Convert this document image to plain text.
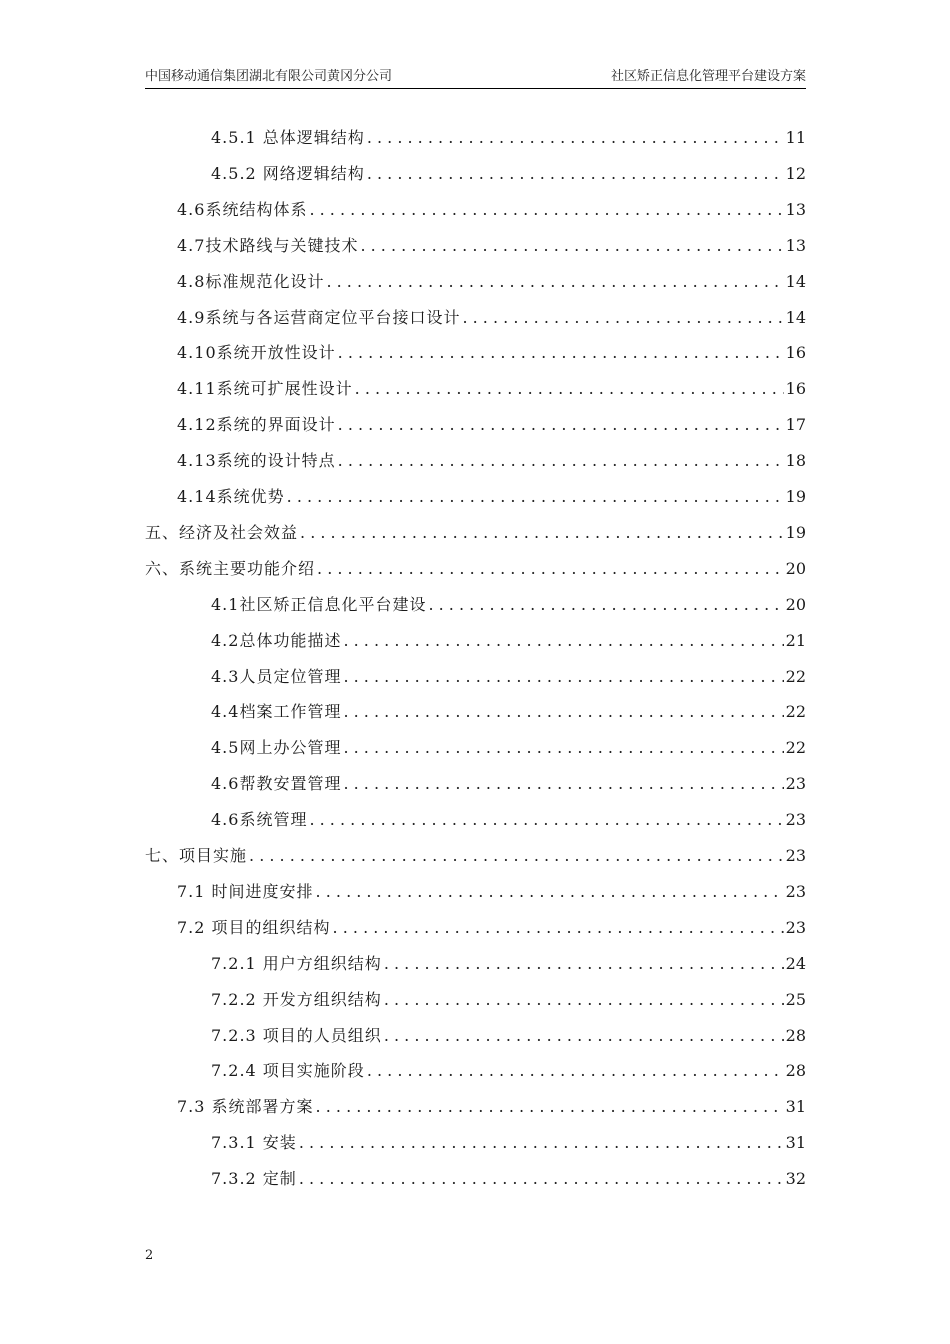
中国移动通信集团湖北有限公司黄冈分公司	社区矫正信息化管理平台建设方案
4.5.1 总体逻辑结构 . . .	11
4.5.2 网络逻辑结构 . . .	12
4.6系统结构体系 . . .	13
4.7技术路线与关键技术 . . .	13
4.8标准规范化设计 . . .	14
4.9系统与各运营商定位平台接口设计 . . .	14
4.10系统开放性设计 . . .	16
4.11系统可扩展性设计 . . .	16
4.12系统的界面设计 . . .	17
4.13系统的设计特点 . . .	18
4.14系统优势 . . .	19
五、经济及社会效益 . . .	19
六、系统主要功能介绍 . . .	20
4.1社区矫正信息化平台建设 . . .	20
4.2总体功能描述 . . .	21
4.3人员定位管理 . . .	22
4.4档案工作管理 . . .	22
4.5网上办公管理 . . .	22
4.6帮教安置管理 . . .	23
4.6系统管理 . . .	23
七、项目实施 . . .	23
7.1 时间进度安排 . . .	23
7.2 项目的组织结构 . . .	23
7.2.1 用户方组织结构 . . .	24
7.2.2 开发方组织结构 . . .	25
7.2.3 项目的人员组织 . . .	28
7.2.4 项目实施阶段 . . .	28
7.3 系统部署方案 . . .	31
7.3.1 安装 . . .	31
7.3.2 定制 . . .	32
2
